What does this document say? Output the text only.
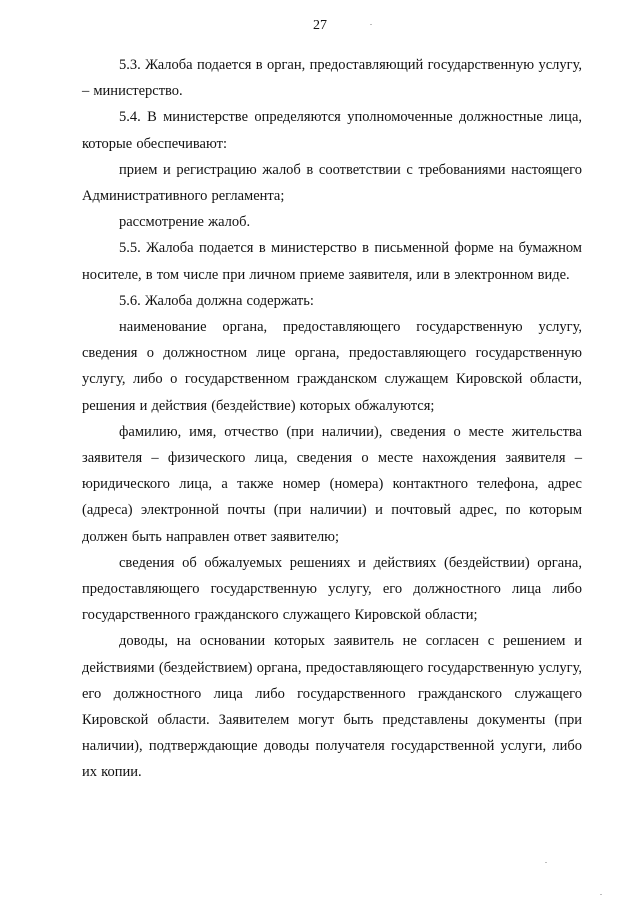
27

5.3. Жалоба подается в орган, предоставляющий государственную услугу, – министерство.

5.4. В министерстве определяются уполномоченные должностные лица, которые обеспечивают:

прием и регистрацию жалоб в соответствии с требованиями настоящего Административного регламента;

рассмотрение жалоб.

5.5. Жалоба подается в министерство в письменной форме на бумажном носителе, в том числе при личном приеме заявителя, или в электронном виде.

5.6. Жалоба должна содержать:

наименование органа, предоставляющего государственную услугу, сведения о должностном лице органа, предоставляющего государственную услугу, либо о государственном гражданском служащем Кировской области, решения и действия (бездействие) которых обжалуются;

фамилию, имя, отчество (при наличии), сведения о месте жительства заявителя – физического лица, сведения о месте нахождения заявителя – юридического лица, а также номер (номера) контактного телефона, адрес (адреса) электронной почты (при наличии) и почтовый адрес, по которым должен быть направлен ответ заявителю;

сведения об обжалуемых решениях и действиях (бездействии) органа, предоставляющего государственную услугу, его должностного лица либо государственного гражданского служащего Кировской области;

доводы, на основании которых заявитель не согласен с решением и действиями (бездействием) органа, предоставляющего государственную услугу, его должностного лица либо государственного гражданского служащего Кировской области. Заявителем могут быть представлены документы (при наличии), подтверждающие доводы получателя государственной услуги, либо их копии.
